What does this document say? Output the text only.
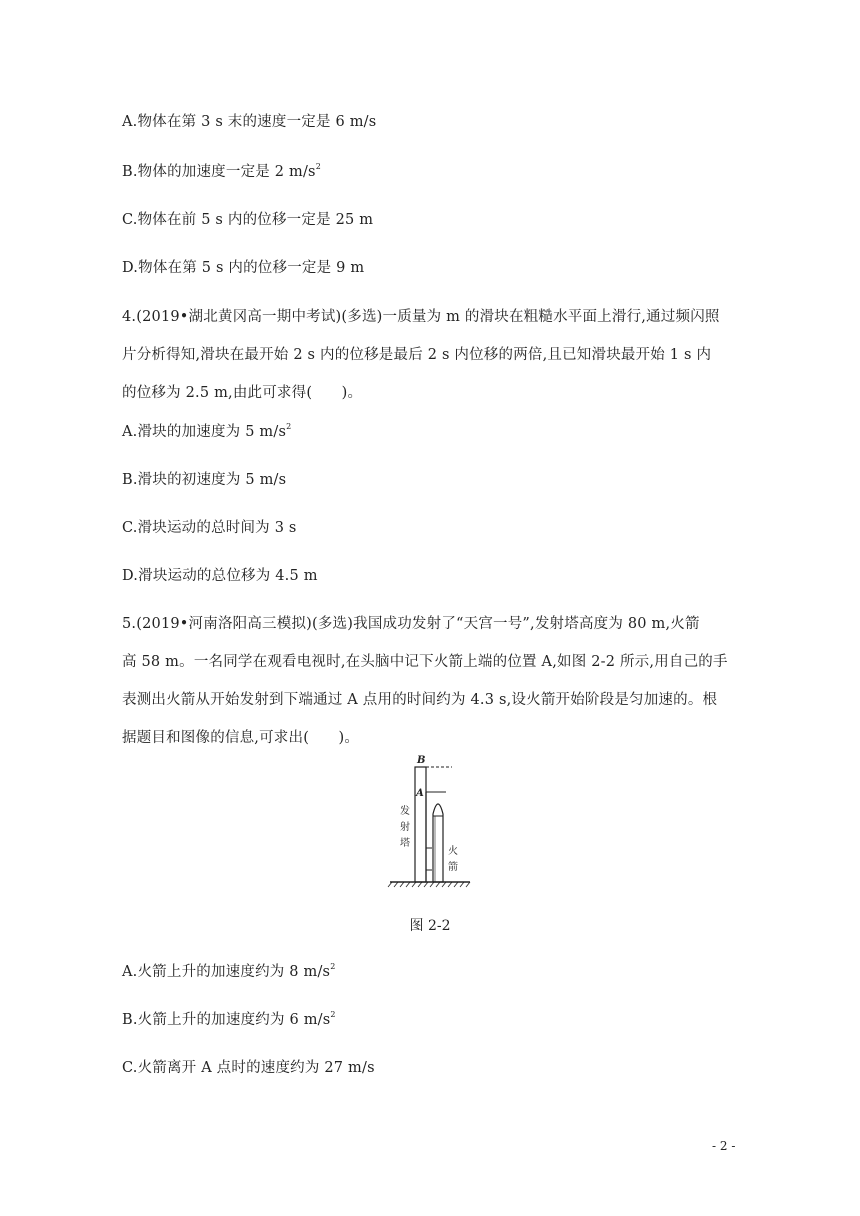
A.物体在第 3 s 末的速度一定是 6 m/s
B.物体的加速度一定是 2 $m/s^2$
C.物体在前 5 s 内的位移一定是 25 m
D.物体在第 5 s 内的位移一定是 9 m
4.(2019•湖北黄冈高一期中考试)(多选)一质量为 m 的滑块在粗糙水平面上滑行,通过频闪照
片分析得知,滑块在最开始 2 s 内的位移是最后 2 s 内位移的两倍,且已知滑块最开始 1 s 内
的位移为 2.5 m,由此可求得(　　)。
A.滑块的加速度为 5 $m/s^2$
B.滑块的初速度为 5 m/s
C.滑块运动的总时间为 3 s
D.滑块运动的总位移为 4.5 m
5.(2019•河南洛阳高三模拟)(多选)我国成功发射了“天宫一号”,发射塔高度为 80 m,火箭
高 58 m。一名同学在观看电视时,在头脑中记下火箭上端的位置 A,如图 2-2 所示,用自己的手
表测出火箭从开始发射到下端通过 A 点用的时间约为 4.3 s,设火箭开始阶段是匀加速的。根
据题目和图像的信息,可求出(　　)。
B
A
发
射
塔
火
箭
图 2-2
A.火箭上升的加速度约为 8 $m/s^2$
B.火箭上升的加速度约为 6 $m/s^2$
C.火箭离开 A 点时的速度约为 27 m/s
- 2 -
